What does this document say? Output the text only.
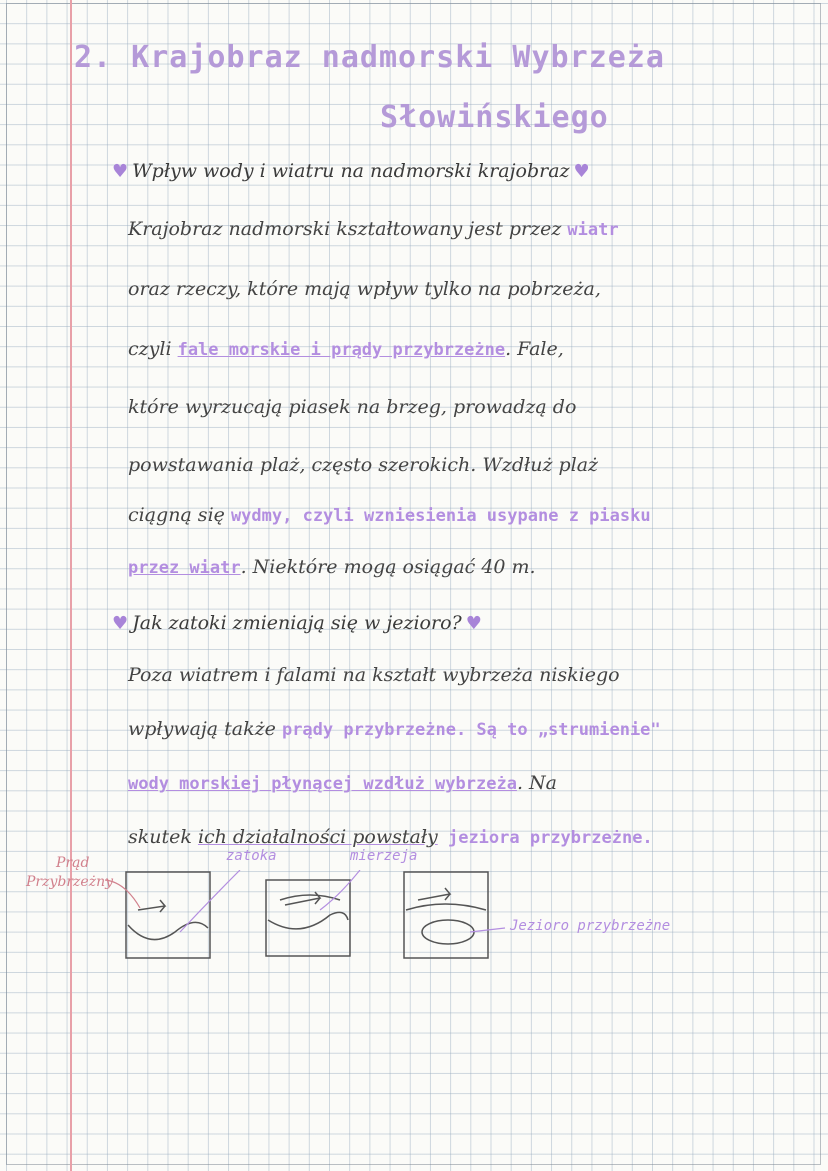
2. Krajobraz nadmorski Wybrzeża
Słowińskiego
♥ Wpływ wody i wiatru na nadmorski krajobraz ♥
Krajobraz nadmorski kształtowany jest przez wiatr
oraz rzeczy, które mają wpływ tylko na pobrzeża,
czyli fale morskie i prądy przybrzeżne. Fale,
które wyrzucają piasek na brzeg, prowadzą do
powstawania plaż, często szerokich. Wzdłuż plaż
ciągną się wydmy, czyli wzniesienia usypane z piasku
przez wiatr. Niektóre mogą osiągać 40 m.
♥ Jak zatoki zmieniają się w jezioro? ♥
Poza wiatrem i falami na kształt wybrzeża niskiego
wpływają także prądy przybrzeżne. Są to „strumienie"
wody morskiej płynącej wzdłuż wybrzeża. Na
skutek ich działalności powstały jeziora przybrzeżne.
Prąd
Przybrzeżny
zatoka	mierzeja
Jezioro przybrzeżne
